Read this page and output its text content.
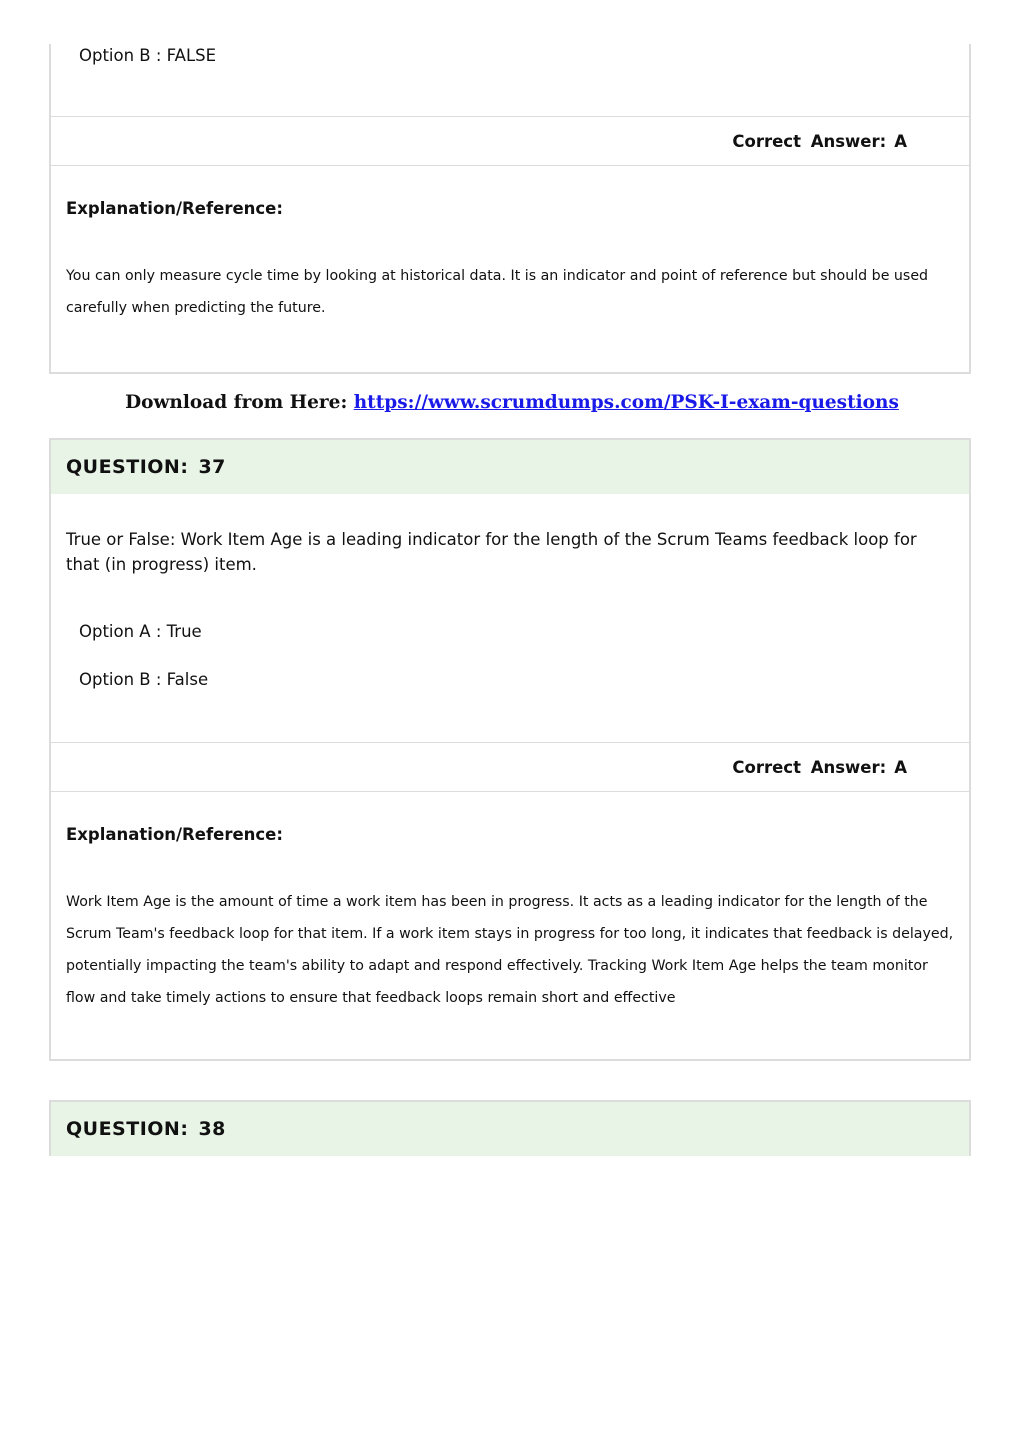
Option B : FALSE
Correct Answer: A
Explanation/Reference:
You can only measure cycle time by looking at historical data. It is an indicator and point of reference but should be used carefully when predicting the future.
Download from Here: https://www.scrumdumps.com/PSK-I-exam-questions
QUESTION: 37
True or False: Work Item Age is a leading indicator for the length of the Scrum Teams feedback loop for that (in progress) item.
Option A : True
Option B : False
Correct Answer: A
Explanation/Reference:
Work Item Age is the amount of time a work item has been in progress. It acts as a leading indicator for the length of the Scrum Team's feedback loop for that item. If a work item stays in progress for too long, it indicates that feedback is delayed, potentially impacting the team's ability to adapt and respond effectively. Tracking Work Item Age helps the team monitor flow and take timely actions to ensure that feedback loops remain short and effective
QUESTION: 38
